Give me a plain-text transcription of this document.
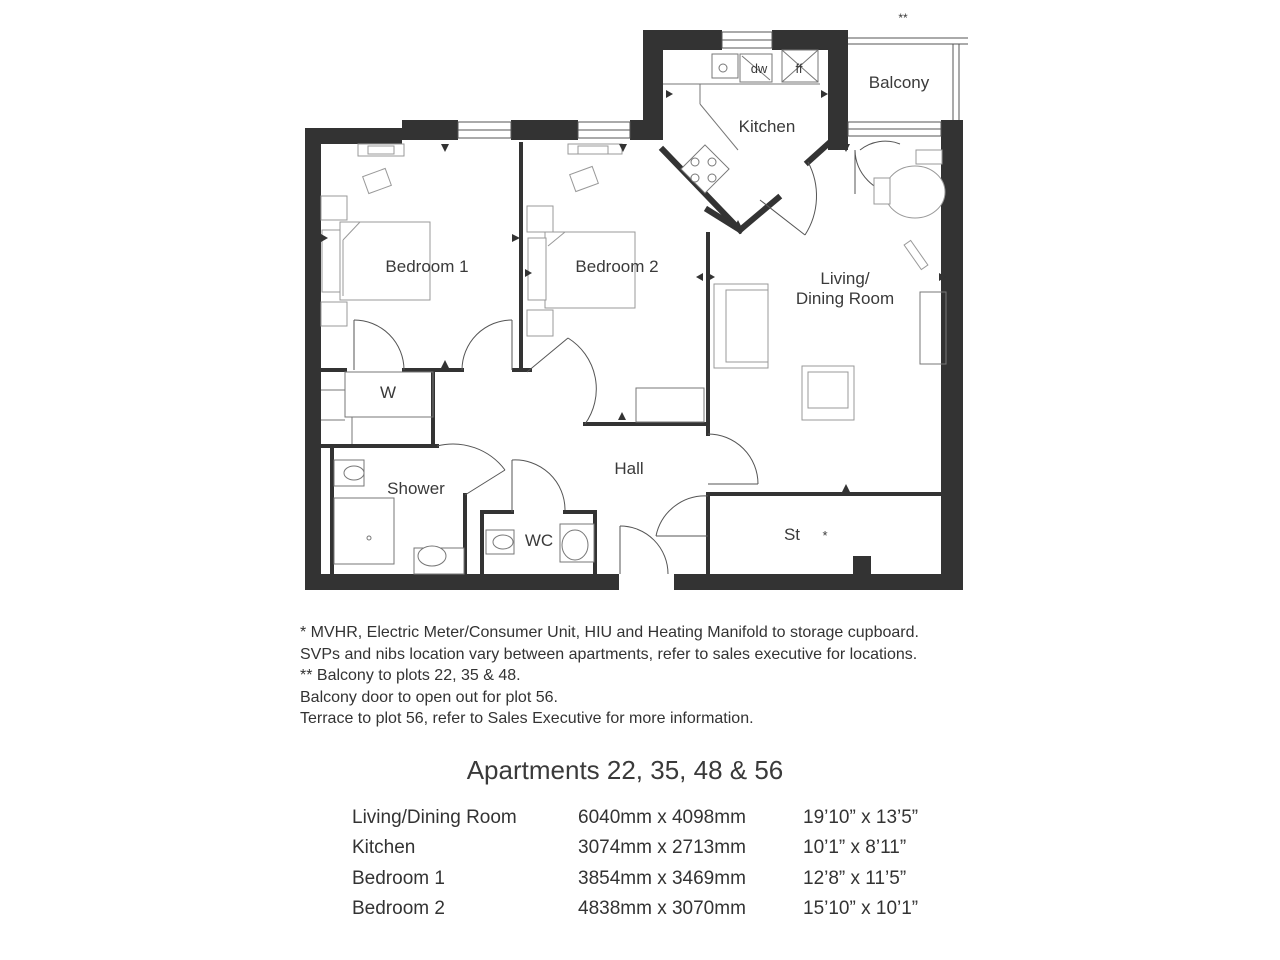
**
Balcony
dw ff
Kitchen
Bedroom 1	Bedroom 2
Living/
Dining Room
W
Hall
Shower
WC	St *
* MVHR, Electric Meter/Consumer Unit, HIU and Heating Manifold to storage cupboard.
SVPs and nibs location vary between apartments, refer to sales executive for locations.
** Balcony to plots 22, 35 & 48.
Balcony door to open out for plot 56.
Terrace to plot 56, refer to Sales Executive for more information.
Apartments 22, 35, 48 & 56
Living/Dining Room	6040mm x 4098mm	19’10” x 13’5”
Kitchen	3074mm x 2713mm	10’1” x 8’11”
Bedroom 1	3854mm x 3469mm	12’8” x 11’5”
Bedroom 2	4838mm x 3070mm	15’10” x 10’1”
